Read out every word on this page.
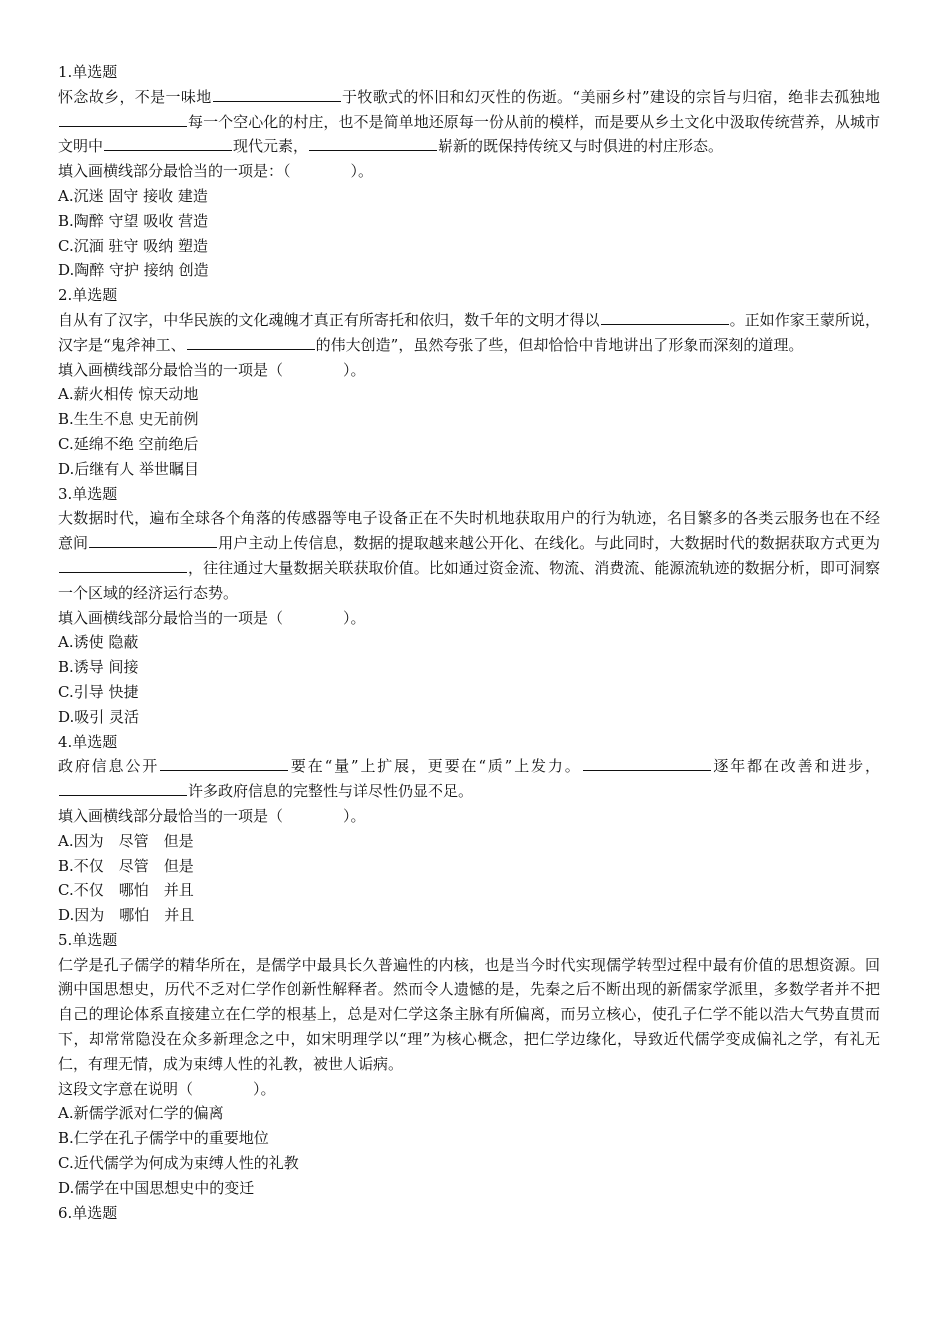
1.单选题

怀念故乡，不是一味地	于牧歌式的怀旧和幻灭性的伤逝。“美丽乡村”建设的宗旨与归宿，绝非去孤独地每一个空心化的村庄，也不是简单地还原每一份从前的模样，而是要从乡土文化中汲取传统营养，从城市文明中	现代元素，	崭新的既保持传统又与时俱进的村庄形态。

填入画横线部分最恰当的一项是：（	）。

A.沉迷 固守 接收 建造

B.陶醉 守望 吸收 营造

C.沉湎 驻守 吸纳 塑造

D.陶醉 守护 接纳 创造

2.单选题

自从有了汉字，中华民族的文化魂魄才真正有所寄托和依归，数千年的文明才得以	。正如作家王蒙所说，汉字是“鬼斧神工、	的伟大创造”，虽然夸张了些，但却恰恰中肯地讲出了形象而深刻的道理。

填入画横线部分最恰当的一项是（	）。

A.薪火相传 惊天动地

B.生生不息 史无前例

C.延绵不绝 空前绝后

D.后继有人 举世瞩目

3.单选题

大数据时代，遍布全球各个角落的传感器等电子设备正在不失时机地获取用户的行为轨迹，名目繁多的各类云服务也在不经意间	用户主动上传信息，数据的提取越来越公开化、在线化。与此同时，大数据时代的数据获取方式更为，往往通过大量数据关联获取价值。比如通过资金流、物流、消费流、能源流轨迹的数据分析，即可洞察一个区域的经济运行态势。

填入画横线部分最恰当的一项是（	）。

A.诱使 隐蔽

B.诱导 间接

C.引导 快捷

D.吸引 灵活

4.单选题

政府信息公开	要在“量”上扩展，更要在“质”上发力。	逐年都在改善和进步，许多政府信息的完整性与详尽性仍显不足。

填入画横线部分最恰当的一项是（	）。

A.因为　尽管　但是

B.不仅　尽管　但是

C.不仅　哪怕　并且

D.因为　哪怕　并且

5.单选题

仁学是孔子儒学的精华所在，是儒学中最具长久普遍性的内核，也是当今时代实现儒学转型过程中最有价值的思想资源。回溯中国思想史，历代不乏对仁学作创新性解释者。然而令人遗憾的是，先秦之后不断出现的新儒家学派里，多数学者并不把自己的理论体系直接建立在仁学的根基上，总是对仁学这条主脉有所偏离，而另立核心，使孔子仁学不能以浩大气势直贯而下，却常常隐没在众多新理念之中，如宋明理学以“理”为核心概念，把仁学边缘化，导致近代儒学变成偏礼之学，有礼无仁，有理无情，成为束缚人性的礼教，被世人诟病。

这段文字意在说明（	）。

A.新儒学派对仁学的偏离

B.仁学在孔子儒学中的重要地位

C.近代儒学为何成为束缚人性的礼教

D.儒学在中国思想史中的变迁

6.单选题
